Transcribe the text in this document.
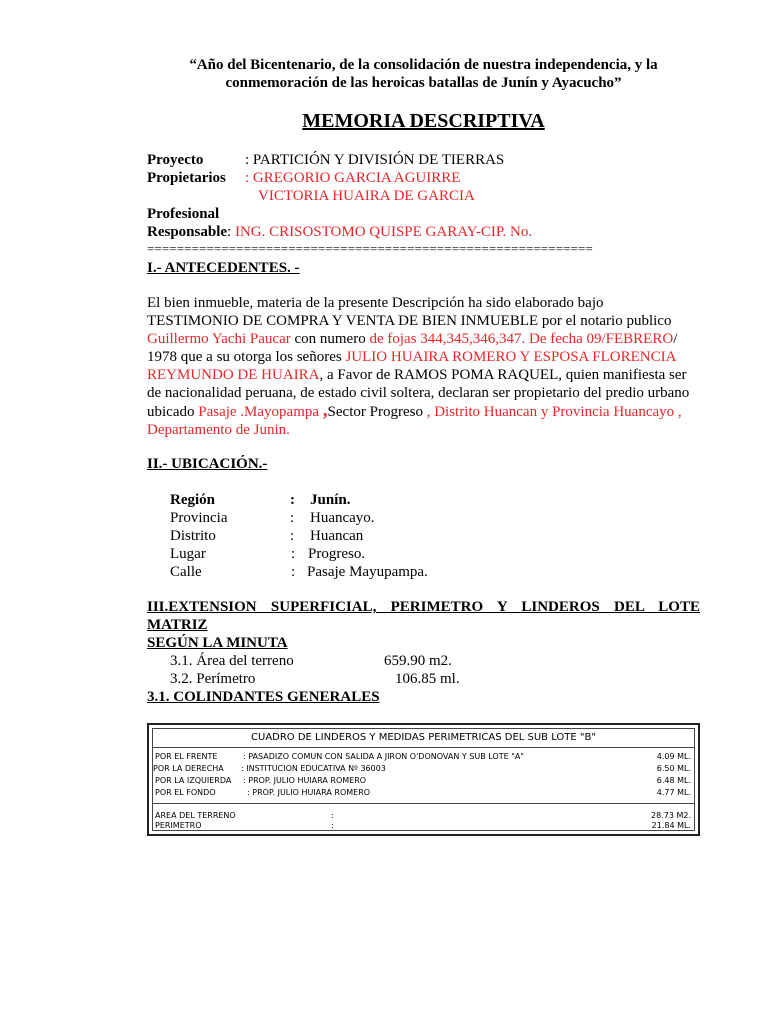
“Año del Bicentenario, de la consolidación de nuestra independencia, y la
conmemoración de las heroicas batallas de Junín y Ayacucho”
MEMORIA DESCRIPTIVA
Proyecto	: PARTICIÓN Y DIVISIÓN DE TIERRAS
Propietarios : GREGORIO GARCIA AGUIRRE
VICTORIA HUAIRA DE GARCIA
Profesional
Responsable: ING. CRISOSTOMO QUISPE GARAY-CIP. No.
============================================================
I.- ANTECEDENTES. -
El bien inmueble, materia de la presente Descripción ha sido elaborado bajo
TESTIMONIO DE COMPRA Y VENTA DE BIEN INMUEBLE por el notario publico
Guillermo Yachi Paucar con numero de fojas 344,345,346,347. De fecha 09/FEBRERO/
1978 que a su otorga los señores JULIO HUAIRA ROMERO Y ESPOSA FLORENCIA
REYMUNDO DE HUAIRA, a Favor de RAMOS POMA RAQUEL, quien manifiesta ser
de nacionalidad peruana, de estado civil soltera, declaran ser propietario del predio urbano
ubicado Pasaje .Mayopampa ,Sector Progreso , Distrito Huancan y Provincia Huancayo ,
Departamento de Junin.
II.- UBICACIÓN.-
Región	: Junín.
Provincia	: Huancayo.
Distrito	: Huancan
Lugar	: Progreso.
Calle	: Pasaje Mayupampa.
III.EXTENSION SUPERFICIAL, PERIMETRO Y LINDEROS DEL LOTE
MATRIZ
SEGÚN LA MINUTA
3.1. Área del terreno	659.90 m2.
3.2. Perímetro	106.85 ml.
3.1. COLINDANTES GENERALES
CUADRO DE LINDEROS Y MEDIDAS PERIMETRICAS DEL SUB LOTE "B"
POR EL FRENTE	: PASADIZO COMUN CON SALIDA A JIRON O'DONOVAN Y SUB LOTE "A"	4.09 ML.
POR LA DERECHA : INSTITUCION EDUCATIVA Nº 36003	6.50 ML.
POR LA IZQUIERDA : PROP. JULIO HUIARA ROMERO	6.48 ML.
POR EL FONDO	: PROP. JULIO HUIARA ROMERO	4.77 ML.
AREA DEL TERRENO	:	28.73 M2.
PERIMETRO	:	21.84 ML.
